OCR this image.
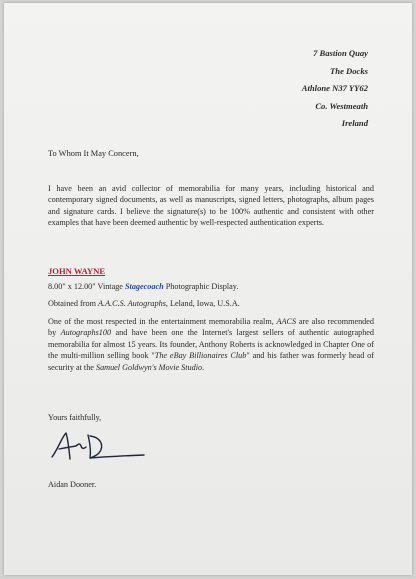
7 Bastion Quay
The Docks
Athlone N37 YY62
Co. Westmeath
Ireland
To Whom It May Concern,
I have been an avid collector of memorabilia for many years, including historical and contemporary signed documents, as well as manuscripts, signed letters, photographs, album pages and signature cards. I believe the signature(s) to be 100% authentic and consistent with other examples that have been deemed authentic by well-respected authentication experts.
JOHN WAYNE
8.00" x 12.00" Vintage Stagecoach Photographic Display.
Obtained from A.A.C.S. Autographs, Leland, Iowa, U.S.A.
One of the most respected in the entertainment memorabilia realm, AACS are also recommended by Autographs100 and have been one the Internet's largest sellers of authentic autographed memorabilia for almost 15 years. Its founder, Anthony Roberts is acknowledged in Chapter One of the multi-million selling book "The eBay Billionaires Club" and his father was formerly head of security at the Samuel Goldwyn's Movie Studio.
Yours faithfully,
Aidan Dooner.
